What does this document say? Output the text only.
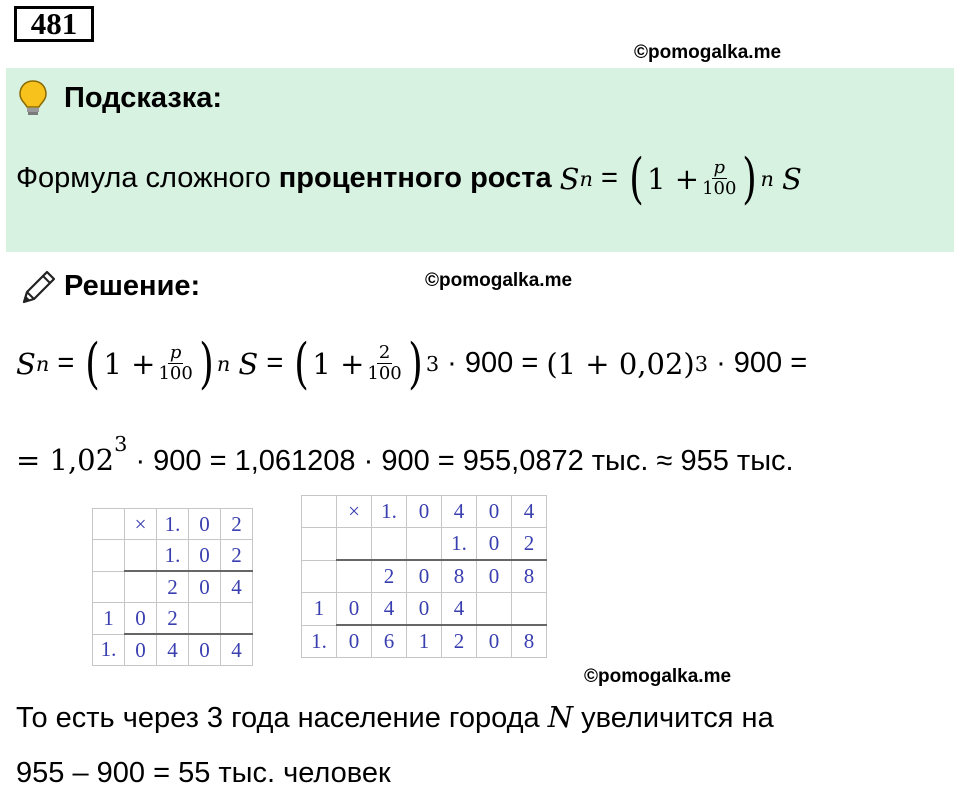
481
©pomogalka.me
Подсказка:
Формула сложного
процентного роста
S n
=
( $1 + \frac{p}{100}$ ) n
S
©pomogalka.me
Решение:
S n
=
( $1 + \frac{p}{100}$ ) n
S
=
( $1 + \frac{2}{100}$ ) 3
· 900 =
(1 + 0,02) 3
· 900 =
= $1,02^3 \cdot 900 = 1,061208 \cdot 900 = 955,0872$ тыс. ≈ 955 тыс.
	×	1.	0	2
		1.	0	2
		2	0	4
1	0	2		
1.	0	4	0	4
	×	1.	0	4	0	4
				1.	0	2
		2	0	8	0	8
1	0	4	0	4		
1.	0	6	1	2	0	8
©pomogalka.me
То есть через 3 года население города N увеличится на
955 – 900 = 55 тыс. человек
